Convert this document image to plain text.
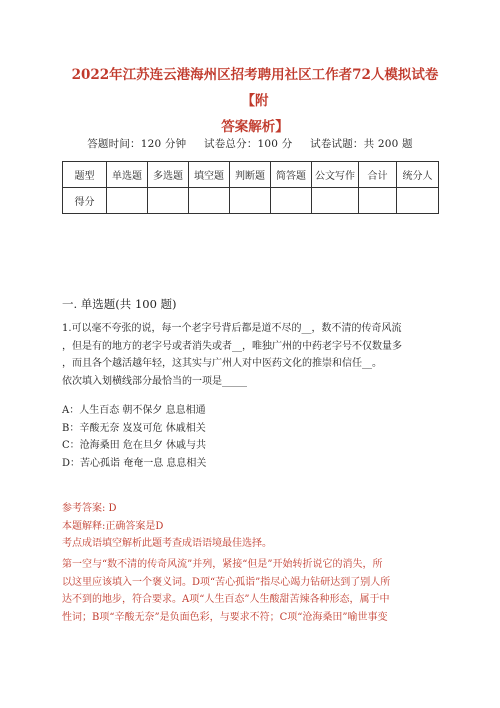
2022年江苏连云港海州区招考聘用社区工作者72人模拟试卷【附
答案解析】
答题时间：120 分钟 试卷总分：100 分 试卷试题：共 200 题
题型	单选题	多选题	填空题	判断题	简答题	公文写作	合计	统分人
得分								
一. 单选题(共 100 题)
1.可以毫不夸张的说，每一个老字号背后都是道不尽的__，数不清的传奇风流
，但是有的地方的老字号或者消失或者__，唯独广州的中药老字号不仅数量多
，而且各个越活越年轻，这其实与广州人对中医药文化的推崇和信任__。
依次填入划横线部分最恰当的一项是_____
A：人生百态 朝不保夕 息息相通
B：辛酸无奈 岌岌可危 休戚相关
C：沧海桑田 危在旦夕 休戚与共
D：苦心孤诣 奄奄一息 息息相关
参考答案: D
本题解释:正确答案是D
考点成语填空解析此题考查成语语境最佳选择。
第一空与“数不清的传奇风流”并列，紧接“但是”开始转折说它的消失，所
以这里应该填入一个褒义词。D项“苦心孤诣”指尽心竭力钻研达到了别人所
达不到的地步，符合要求。A项“人生百态”人生酸甜苦辣各种形态，属于中
性词；B项“辛酸无奈”是负面色彩，与要求不符；C项“沧海桑田”喻世事变
